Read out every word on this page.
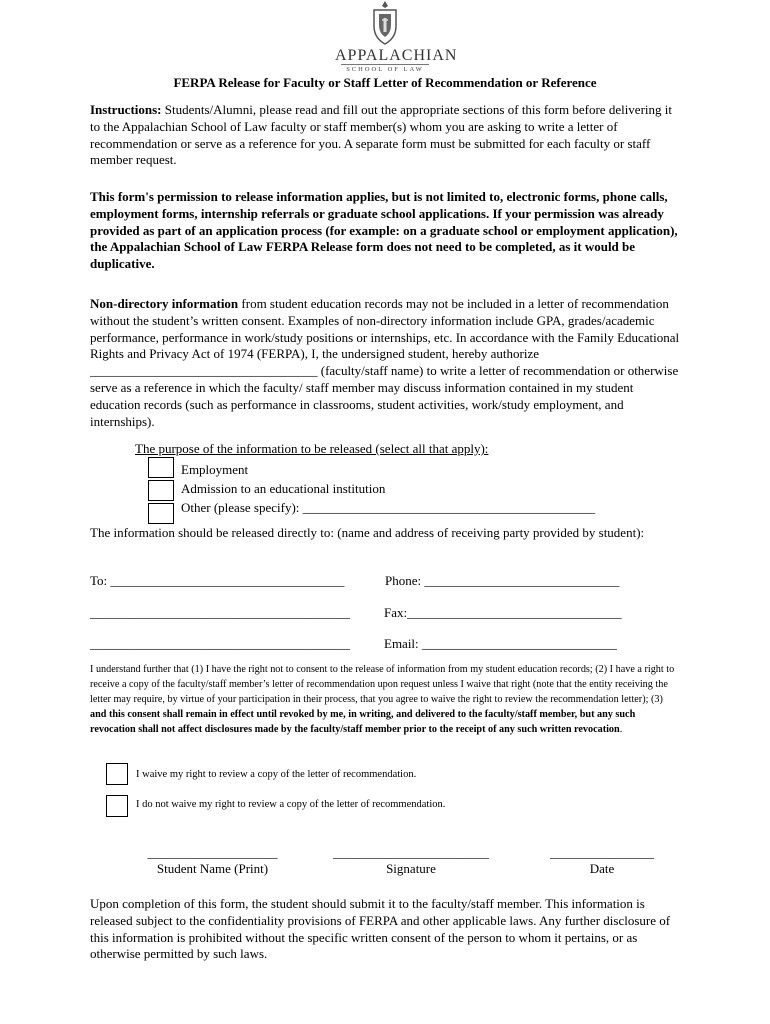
APPALACHIAN
SCHOOL OF LAW
FERPA Release for Faculty or Staff Letter of Recommendation or Reference
Instructions: Students/Alumni, please read and fill out the appropriate sections of this form before delivering it to the Appalachian School of Law faculty or staff member(s) whom you are asking to write a letter of recommendation or serve as a reference for you. A separate form must be submitted for each faculty or staff member request.
This form's permission to release information applies, but is not limited to, electronic forms, phone calls, employment forms, internship referrals or graduate school applications. If your permission was already provided as part of an application process (for example: on a graduate school or employment application), the Appalachian School of Law FERPA Release form does not need to be completed, as it would be duplicative.
Non-directory information from student education records may not be included in a letter of recommendation without the student’s written consent. Examples of non-directory information include GPA, grades/academic performance, performance in work/study positions or internships, etc. In accordance with the Family Educational Rights and Privacy Act of 1974 (FERPA), I, the undersigned student, hereby authorize ___________________________________ (faculty/staff name) to write a letter of recommendation or otherwise serve as a reference in which the faculty/ staff member may discuss information contained in my student education records (such as performance in classrooms, student activities, work/study employment, and internships).
The purpose of the information to be released (select all that apply):
Employment
Admission to an educational institution
Other (please specify): _____________________________________________
The information should be released directly to: (name and address of receiving party provided by student):
To: ____________________________________	Phone: ______________________________
________________________________________	Fax:_________________________________
________________________________________	Email: ______________________________
I understand further that (1) I have the right not to consent to the release of information from my student education records; (2) I have a right to receive a copy of the faculty/staff member’s letter of recommendation upon request unless I waive that right (note that the entity receiving the letter may require, by virtue of your participation in their process, that you agree to waive the right to review the recommendation letter); (3) and this consent shall remain in effect until revoked by me, in writing, and delivered to the faculty/staff member, but any such revocation shall not affect disclosures made by the faculty/staff member prior to the receipt of any such written revocation.
I waive my right to review a copy of the letter of recommendation.
I do not waive my right to review a copy of the letter of recommendation.
____________________	________________________	________________
Student Name (Print)	Signature	Date
Upon completion of this form, the student should submit it to the faculty/staff member. This information is released subject to the confidentiality provisions of FERPA and other applicable laws. Any further disclosure of this information is prohibited without the specific written consent of the person to whom it pertains, or as otherwise permitted by such laws.
